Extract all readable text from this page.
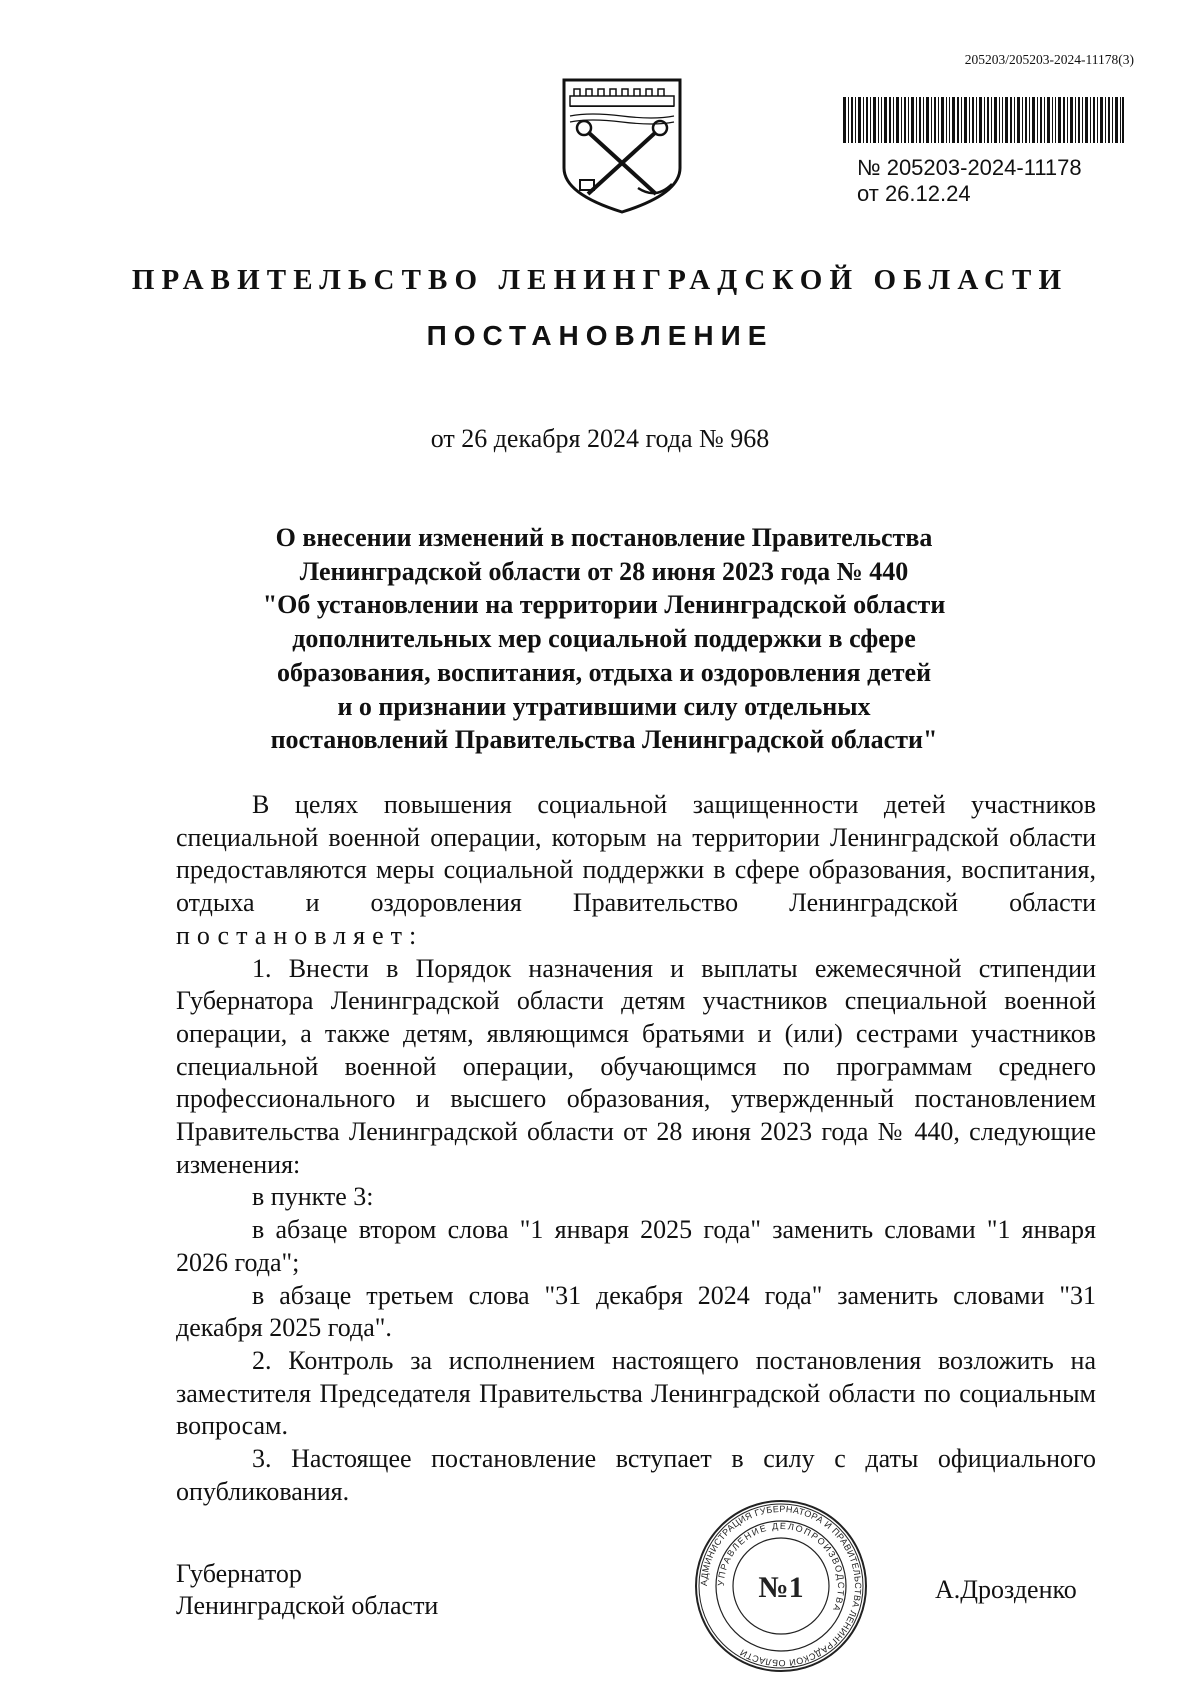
205203/205203-2024-11178(3)
№ 205203-2024-11178
от 26.12.24
ПРАВИТЕЛЬСТВО ЛЕНИНГРАДСКОЙ ОБЛАСТИ
ПОСТАНОВЛЕНИЕ
от 26 декабря 2024 года № 968
О внесении изменений в постановление Правительства
Ленинградской области от 28 июня 2023 года № 440
"Об установлении на территории Ленинградской области
дополнительных мер социальной поддержки в сфере
образования, воспитания, отдыха и оздоровления детей
и о признании утратившими силу отдельных
постановлений Правительства Ленинградской области"

В целях повышения социальной защищенности детей участников специальной военной операции, которым на территории Ленинградской области предоставляются меры социальной поддержки в сфере образования, воспитания, отдыха и оздоровления Правительство Ленинградской области постановляет:

1. Внести в Порядок назначения и выплаты ежемесячной стипендии Губернатора Ленинградской области детям участников специальной военной операции, а также детям, являющимся братьями и (или) сестрами участников специальной военной операции, обучающимся по программам среднего профессионального и высшего образования, утвержденный постановлением Правительства Ленинградской области от 28 июня 2023 года № 440, следующие изменения:

в пункте 3:

в абзаце втором слова "1 января 2025 года" заменить словами "1 января 2026 года";

в абзаце третьем слова "31 декабря 2024 года" заменить словами "31 декабря 2025 года".

2. Контроль за исполнением настоящего постановления возложить на заместителя Председателя Правительства Ленинградской области по социальным вопросам.

3. Настоящее постановление вступает в силу с даты официального опубликования.

Губернатор
Ленинградской области
А.Дрозденко
АДМИНИСТРАЦИЯ ГУБЕРНАТОРА И ПРАВИТЕЛЬСТВА ЛЕНИНГРАДСКОЙ ОБЛАСТИ
УПРАВЛЕНИЕ ДЕЛОПРОИЗВОДСТВА
№1
